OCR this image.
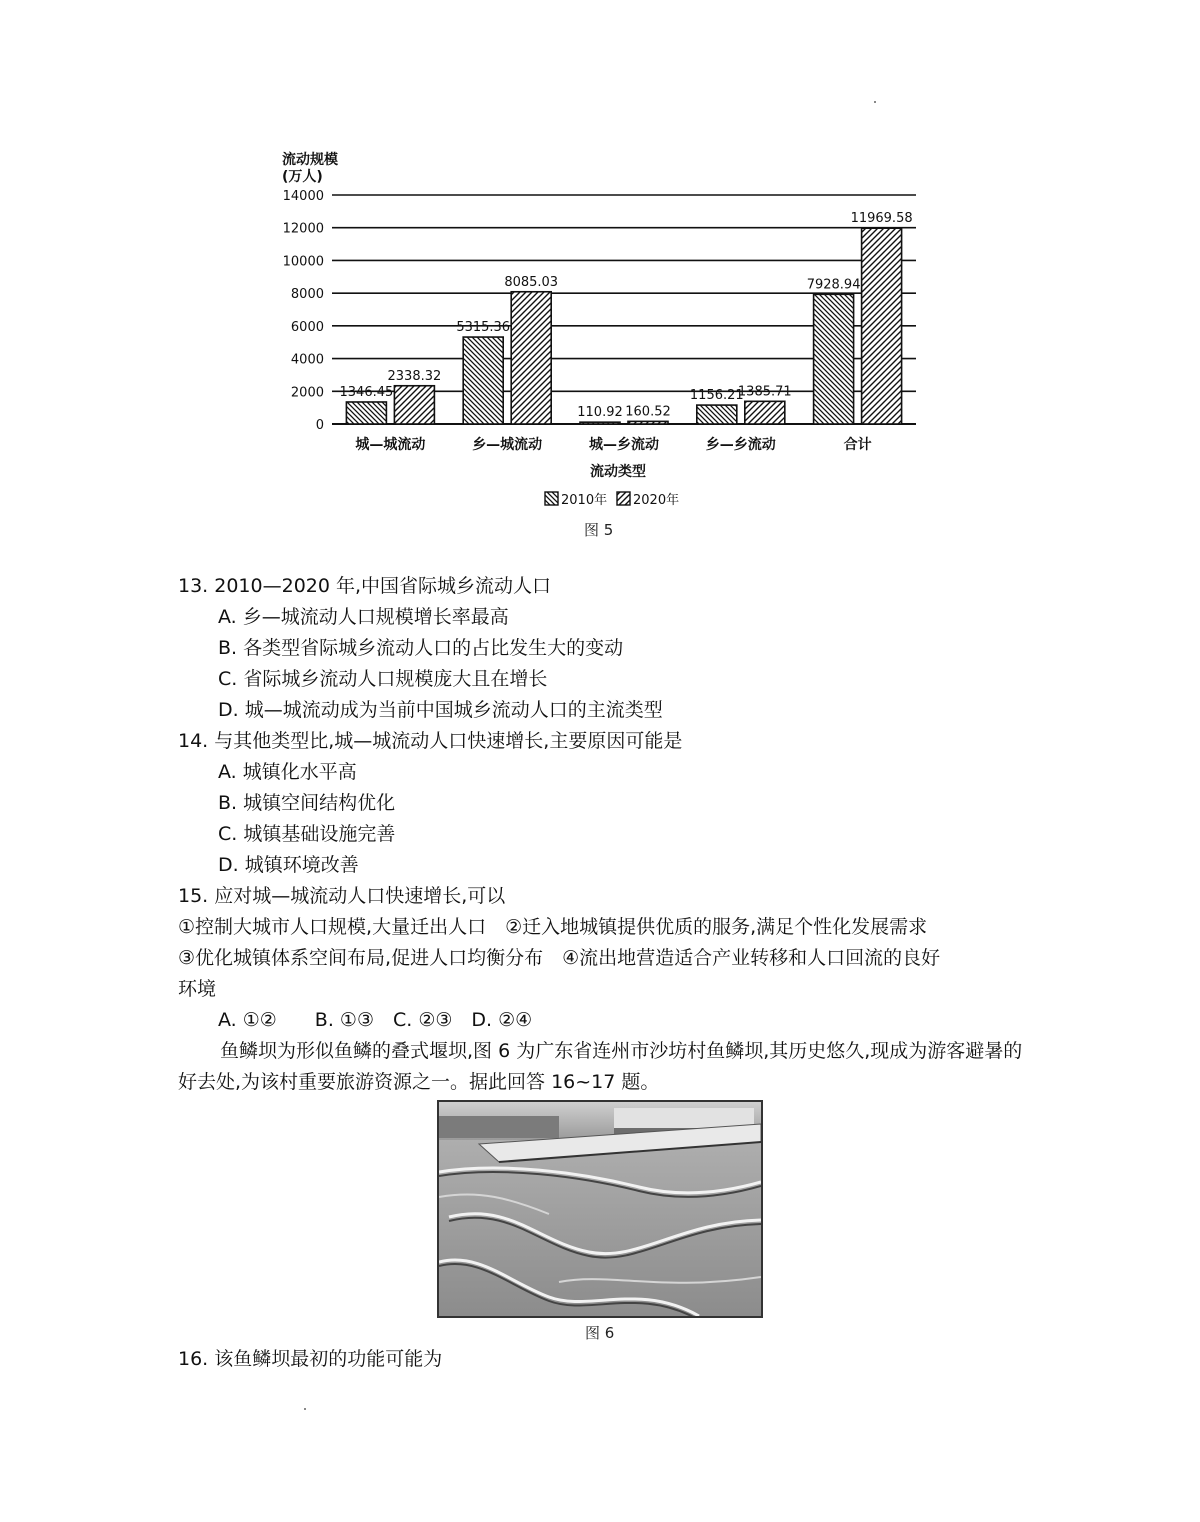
流动规模
(万人)
0
2000
4000
6000
8000
10000
12000
14000
1346.45
2338.32
5315.36
8085.03
110.92 160.52
1156.21
1385.71
7928.94
11969.58
城—城流动	乡—城流动	城—乡流动	乡—乡流动	合计
流动类型
2010年 2020年
图 5
13. 2010—2020 年,中国省际城乡流动人口
A. 乡—城流动人口规模增长率最高
B. 各类型省际城乡流动人口的占比发生大的变动
C. 省际城乡流动人口规模庞大且在增长
D. 城—城流动成为当前中国城乡流动人口的主流类型
14. 与其他类型比,城—城流动人口快速增长,主要原因可能是
A. 城镇化水平高
B. 城镇空间结构优化
C. 城镇基础设施完善
D. 城镇环境改善
15. 应对城—城流动人口快速增长,可以
①控制大城市人口规模,大量迁出人口　②迁入地城镇提供优质的服务,满足个性化发展需求
③优化城镇体系空间布局,促进人口均衡分布　④流出地营造适合产业转移和人口回流的良好
环境
A. ①②　　B. ①③　C. ②③　D. ②④
鱼鳞坝为形似鱼鳞的叠式堰坝,图 6 为广东省连州市沙坊村鱼鳞坝,其历史悠久,现成为游客避暑的好去处,为该村重要旅游资源之一。据此回答 16~17 题。
图 6
16. 该鱼鳞坝最初的功能可能为
